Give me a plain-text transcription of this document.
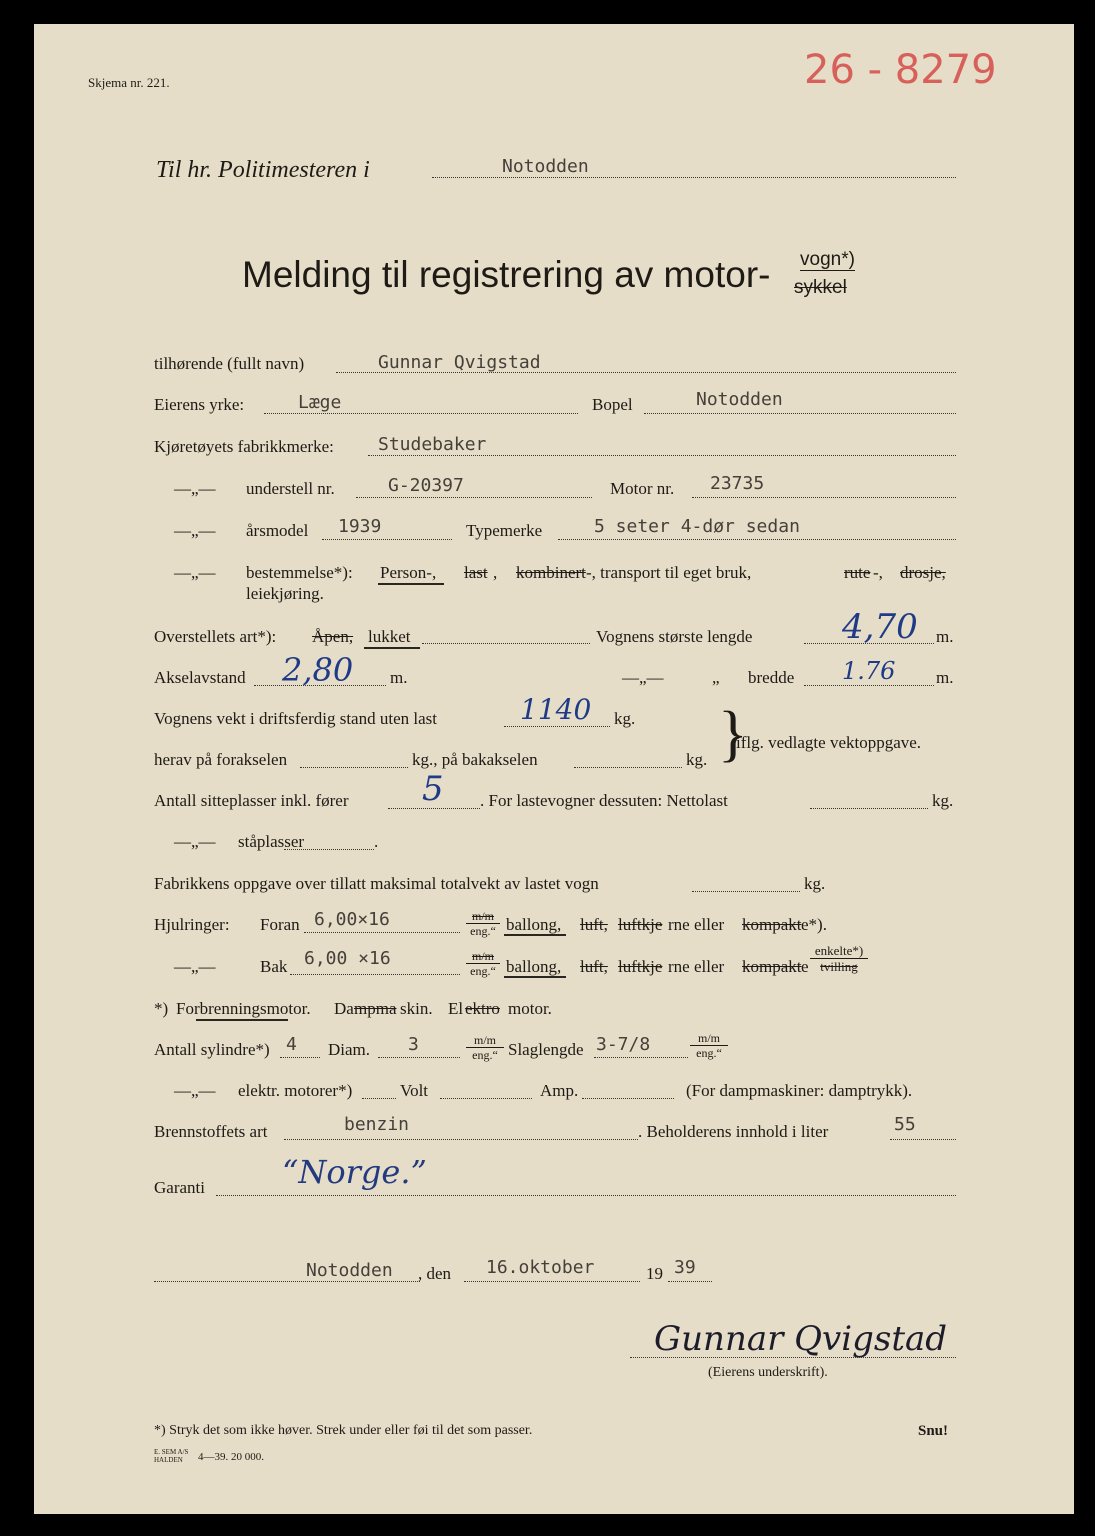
Skjema nr. 221.	26 - 8279
Til hr. Politimesteren i	Notodden
Melding til registrering av motor- vogn*)
sykkel
tilhørende (fullt navn)	Gunnar Qvigstad
Eierens yrke:	Læge	Bopel	Notodden
Kjøretøyets fabrikkmerke: Studebaker
—„— understell nr.	G-20397	Motor nr. 23735
—„— årsmodel 1939	Typemerke	5 seter 4-dør sedan
—„— bestemmelse*): Person-, last , kombinert -, transport til eget bruk,	rute -, drosje,
leiekjøring.
Overstellets art*): Åpen, lukket	Vognens største lengde	4,70 m.
Akselavstand 2,80 m.	—„—	„ bredde 1.76 m.
Vognens vekt i driftsferdig stand uten last	1140 kg.
herav på forakselen	kg., på bakakselen	kg. }
iflg. vedlagte vektoppgave.
Antall sitteplasser inkl. fører 5 . For lastevogner dessuten: Nettolast	kg.
—„— ståplasser	.
Fabrikkens oppgave over tillatt maksimal totalvekt av lastet vogn	kg.
Hjulringer: Foran 6,00×16	m/m
eng.“ ballong, luft, luftkje rne eller kompakt e*).
—„—	Bak 6,00 ×16	m/m
eng.“ ballong, luft, luftkje rne eller kompakt e
enkelte*)
tvilling
*) Forbrenningsmotor. Da mpma skin. El ektro motor.
Antall sylindre*) 4 Diam. 3	m/m
eng.“ Slaglengde 3-7/8	m/m
eng.“
—„— elektr. motorer*)	Volt	Amp.	(For dampmaskiner: damptrykk).
Brennstoffets art	benzin	. Beholderens innhold i liter	55
Garanti “Norge.”
Notodden , den 16.oktober	19 39
Gunnar Qvigstad
(Eierens underskrift).
*) Stryk det som ikke høver. Strek under eller føi til det som passer.	Snu!
E. SEM A/S
HALDEN 4—39. 20 000.
